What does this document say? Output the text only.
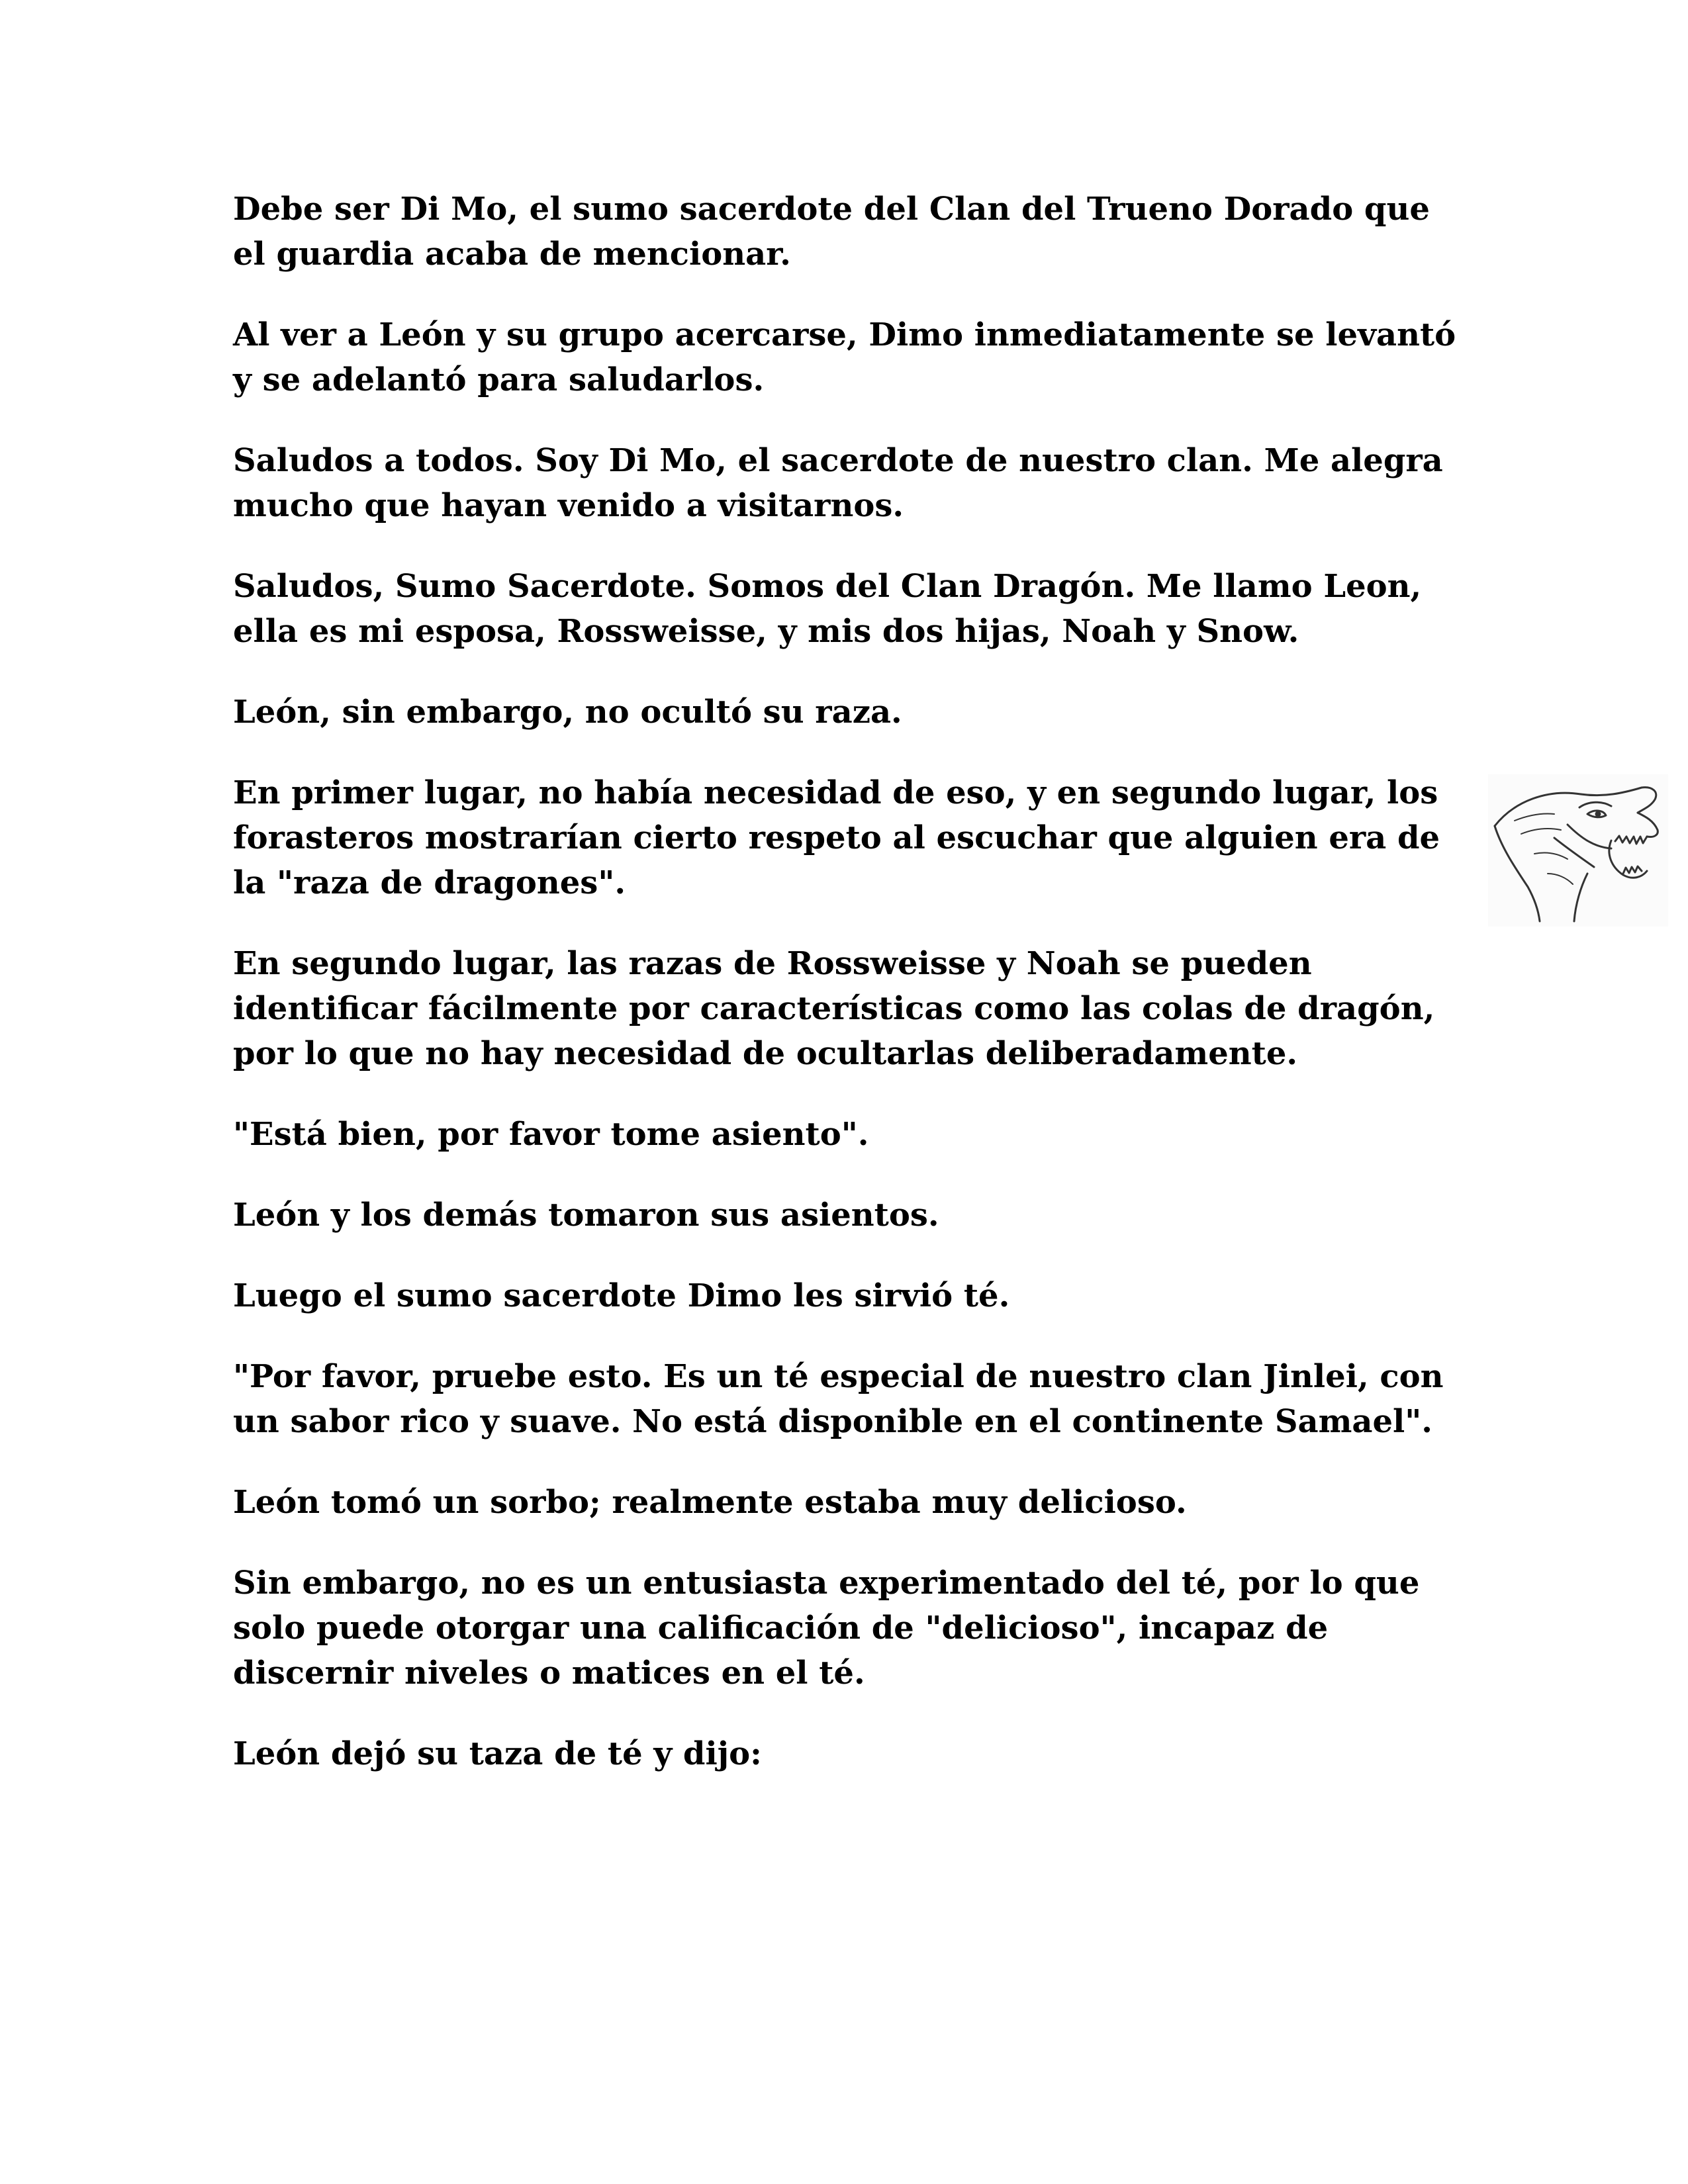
Debe ser Di Mo, el sumo sacerdote del Clan del Trueno Dorado que el guardia acaba de mencionar.

Al ver a León y su grupo acercarse, Dimo inmediatamente se levantó y se adelantó para saludarlos.

Saludos a todos. Soy Di Mo, el sacerdote de nuestro clan. Me alegra mucho que hayan venido a visitarnos.

Saludos, Sumo Sacerdote. Somos del Clan Dragón. Me llamo Leon, ella es mi esposa, Rossweisse, y mis dos hijas, Noah y Snow.

León, sin embargo, no ocultó su raza.

En primer lugar, no había necesidad de eso, y en segundo lugar, los forasteros mostrarían cierto respeto al escuchar que alguien era de la "raza de dragones".

En segundo lugar, las razas de Rossweisse y Noah se pueden identificar fácilmente por características como las colas de dragón, por lo que no hay necesidad de ocultarlas deliberadamente.

"Está bien, por favor tome asiento".

León y los demás tomaron sus asientos.

Luego el sumo sacerdote Dimo les sirvió té.

"Por favor, pruebe esto. Es un té especial de nuestro clan Jinlei, con un sabor rico y suave. No está disponible en el continente Samael".

León tomó un sorbo; realmente estaba muy delicioso.

Sin embargo, no es un entusiasta experimentado del té, por lo que solo puede otorgar una calificación de "delicioso", incapaz de discernir niveles o matices en el té.

León dejó su taza de té y dijo:
